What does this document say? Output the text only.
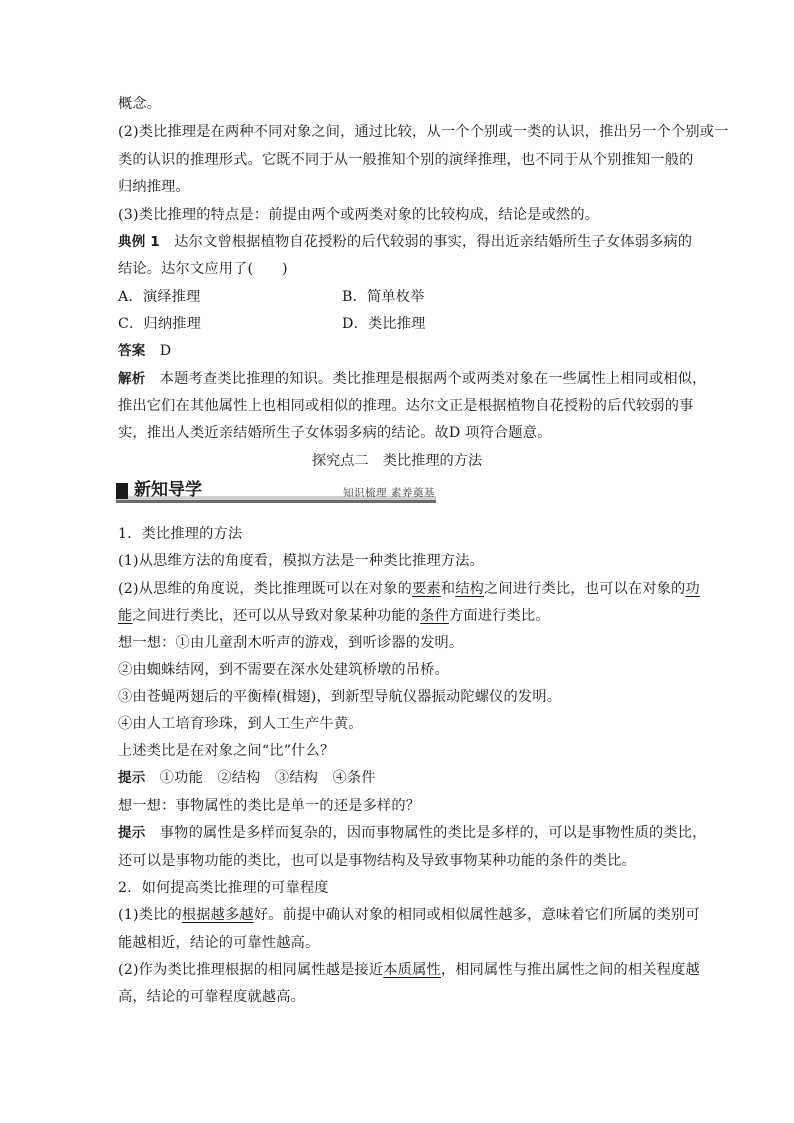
概念。
(2)类比推理是在两种不同对象之间，通过比较，从一个个别或一类的认识，推出另一个个别或一
类的认识的推理形式。它既不同于从一般推知个别的演绎推理，也不同于从个别推知一般的
归纳推理。
(3)类比推理的特点是：前提由两个或两类对象的比较构成，结论是或然的。
典例 1　达尔文曾根据植物自花授粉的后代较弱的事实，得出近亲结婚所生子女体弱多病的
结论。达尔文应用了(　　)
A．演绎推理	B．简单枚举
C．归纳推理	D．类比推理
答案　D
解析　本题考查类比推理的知识。类比推理是根据两个或两类对象在一些属性上相同或相似，
推出它们在其他属性上也相同或相似的推理。达尔文正是根据植物自花授粉的后代较弱的事
实，推出人类近亲结婚所生子女体弱多病的结论。故D 项符合题意。
探究点二　类比推理的方法
新知导学	知识梳理 素养奠基
1．类比推理的方法
(1)从思维方法的角度看，模拟方法是一种类比推理方法。
(2)从思维的角度说，类比推理既可以在对象的要素和结构之间进行类比，也可以在对象的功
能之间进行类比，还可以从导致对象某种功能的条件方面进行类比。
想一想：①由儿童刮木听声的游戏，到听诊器的发明。
②由蜘蛛结网，到不需要在深水处建筑桥墩的吊桥。
③由苍蝇两翅后的平衡棒(楫翅)，到新型导航仪器振动陀螺仪的发明。
④由人工培育珍珠，到人工生产牛黄。
上述类比是在对象之间“比”什么？
提示　①功能　②结构　③结构　④条件
想一想：事物属性的类比是单一的还是多样的？
提示　事物的属性是多样而复杂的，因而事物属性的类比是多样的，可以是事物性质的类比，
还可以是事物功能的类比，也可以是事物结构及导致事物某种功能的条件的类比。
2．如何提高类比推理的可靠程度
(1)类比的根据越多越好。前提中确认对象的相同或相似属性越多，意味着它们所属的类别可
能越相近，结论的可靠性越高。
(2)作为类比推理根据的相同属性越是接近本质属性，相同属性与推出属性之间的相关程度越
高，结论的可靠程度就越高。
